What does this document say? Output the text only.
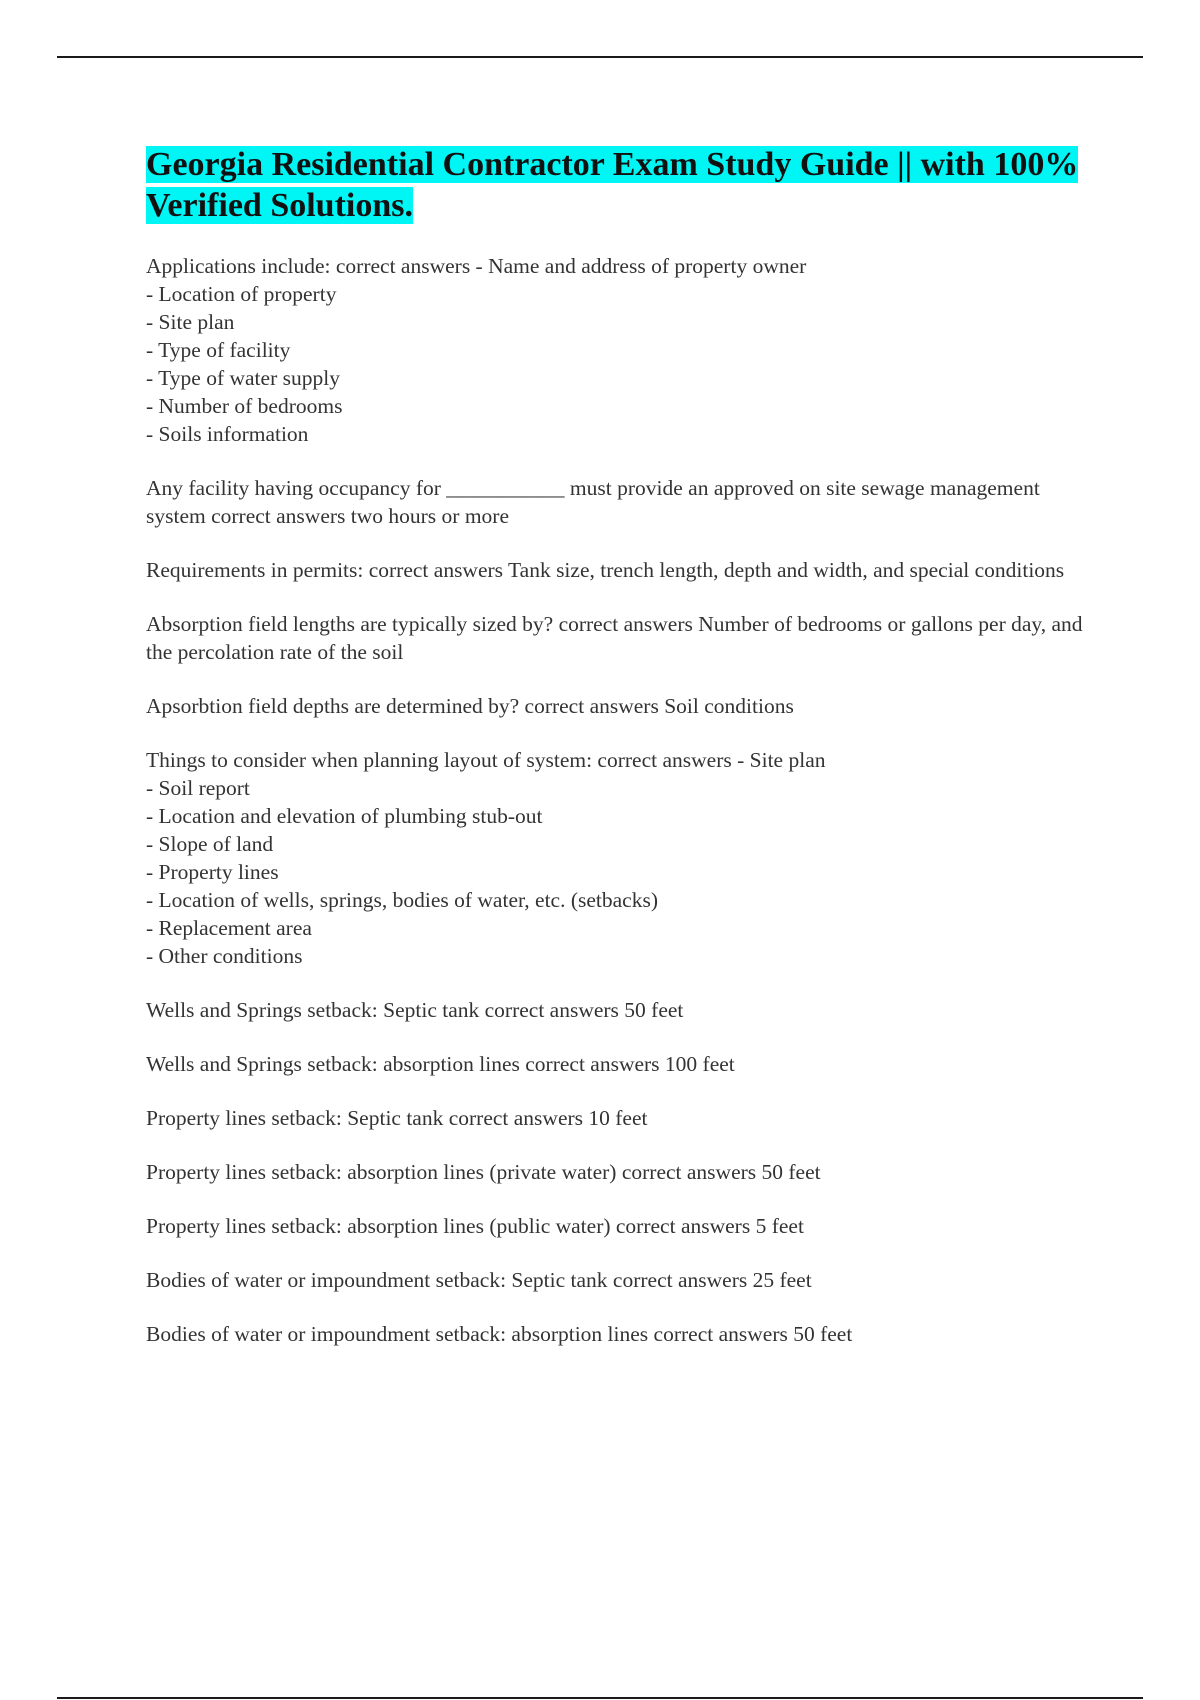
Georgia Residential Contractor Exam Study Guide || with 100% Verified Solutions.

Applications include: correct answers - Name and address of property owner
- Location of property
- Site plan
- Type of facility
- Type of water supply
- Number of bedrooms
- Soils information

Any facility having occupancy for ___________ must provide an approved on site sewage management system correct answers two hours or more

Requirements in permits: correct answers Tank size, trench length, depth and width, and special conditions

Absorption field lengths are typically sized by? correct answers Number of bedrooms or gallons per day, and the percolation rate of the soil

Apsorbtion field depths are determined by? correct answers Soil conditions

Things to consider when planning layout of system: correct answers - Site plan
- Soil report
- Location and elevation of plumbing stub-out
- Slope of land
- Property lines
- Location of wells, springs, bodies of water, etc. (setbacks)
- Replacement area
- Other conditions

Wells and Springs setback: Septic tank correct answers 50 feet

Wells and Springs setback: absorption lines correct answers 100 feet

Property lines setback: Septic tank correct answers 10 feet

Property lines setback: absorption lines (private water) correct answers 50 feet

Property lines setback: absorption lines (public water) correct answers 5 feet

Bodies of water or impoundment setback: Septic tank correct answers 25 feet

Bodies of water or impoundment setback: absorption lines correct answers 50 feet
